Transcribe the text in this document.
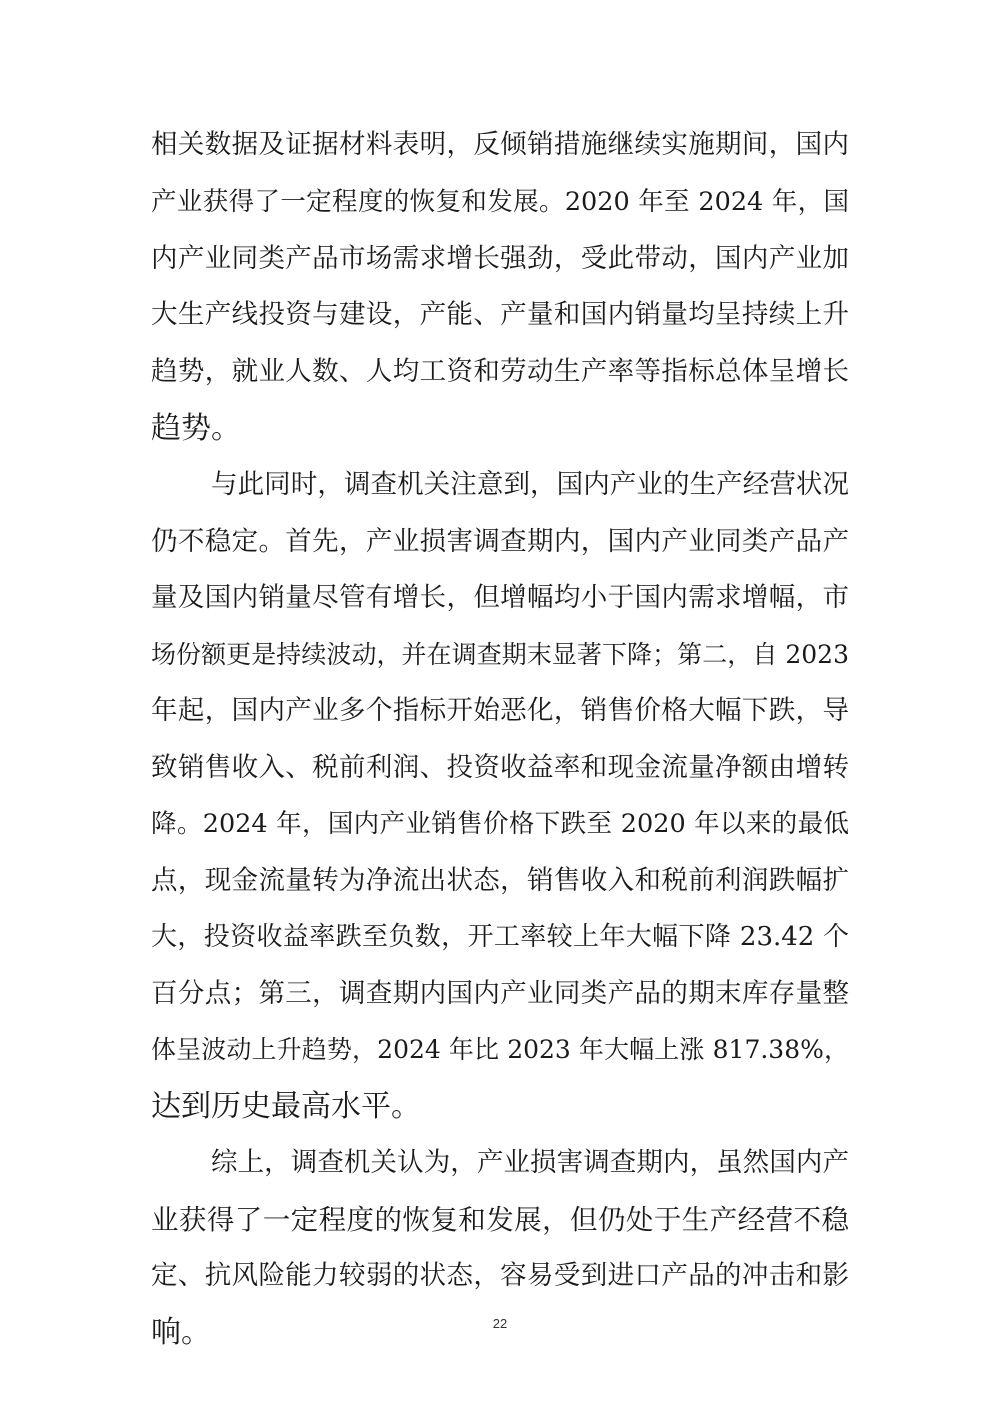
相关数据及证据材料表明，反倾销措施继续实施期间，国内
产业获得了一定程度的恢复和发展。2020 年至 2024 年，国
内产业同类产品市场需求增长强劲，受此带动，国内产业加
大生产线投资与建设，产能、产量和国内销量均呈持续上升
趋势，就业人数、人均工资和劳动生产率等指标总体呈增长
趋势。
与此同时，调查机关注意到，国内产业的生产经营状况
仍不稳定。首先，产业损害调查期内，国内产业同类产品产
量及国内销量尽管有增长，但增幅均小于国内需求增幅，市
场份额更是持续波动，并在调查期末显著下降；第二，自 2023
年起，国内产业多个指标开始恶化，销售价格大幅下跌，导
致销售收入、税前利润、投资收益率和现金流量净额由增转
降。2024 年，国内产业销售价格下跌至 2020 年以来的最低
点，现金流量转为净流出状态，销售收入和税前利润跌幅扩
大，投资收益率跌至负数，开工率较上年大幅下降 23.42 个
百分点；第三，调查期内国内产业同类产品的期末库存量整
体呈波动上升趋势，2024 年比 2023 年大幅上涨 817.38%，
达到历史最高水平。
综上，调查机关认为，产业损害调查期内，虽然国内产
业获得了一定程度的恢复和发展，但仍处于生产经营不稳
定、抗风险能力较弱的状态，容易受到进口产品的冲击和影
响。	22
